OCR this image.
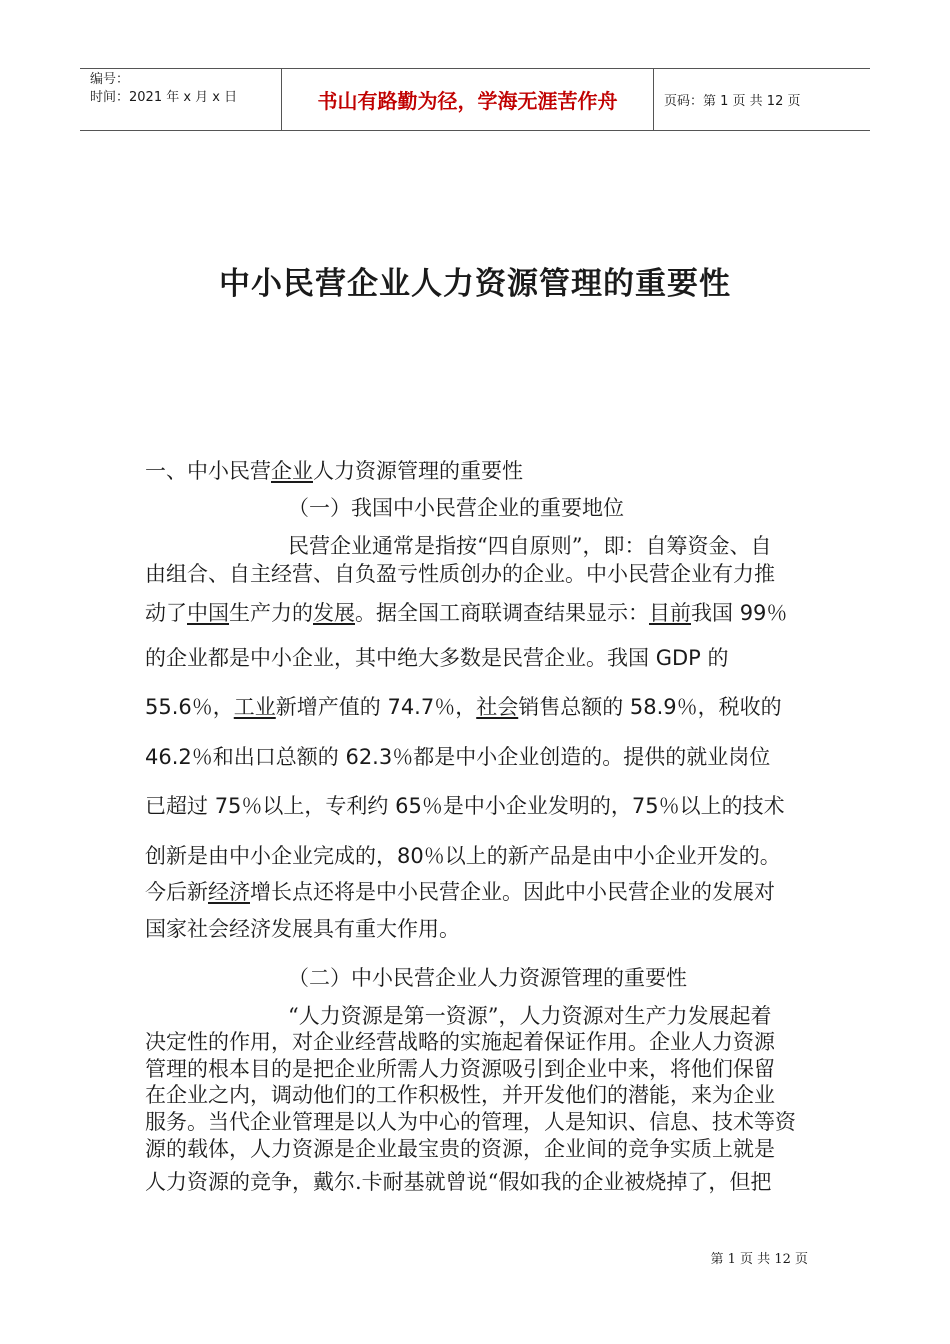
编号：
时间：2021 年 x 月 x 日	书山有路勤为径，学海无涯苦作舟	页码：第 1 页 共 12 页
中小民营企业人力资源管理的重要性
一、中小民营企业人力资源管理的重要性
（一）我国中小民营企业的重要地位
民营企业通常是指按“四自原则”，即：自筹资金、自
由组合、自主经营、自负盈亏性质创办的企业。中小民营企业有力推
动了中国生产力的发展。据全国工商联调查结果显示：目前我国 99％
的企业都是中小企业，其中绝大多数是民营企业。我国 GDP 的
55.6％，工业新增产值的 74.7％，社会销售总额的 58.9％，税收的
46.2％和出口总额的 62.3％都是中小企业创造的。提供的就业岗位
已超过 75％以上，专利约 65％是中小企业发明的，75％以上的技术
创新是由中小企业完成的，80％以上的新产品是由中小企业开发的。
今后新经济增长点还将是中小民营企业。因此中小民营企业的发展对
国家社会经济发展具有重大作用。
（二）中小民营企业人力资源管理的重要性
“人力资源是第一资源”，人力资源对生产力发展起着
决定性的作用，对企业经营战略的实施起着保证作用。企业人力资源
管理的根本目的是把企业所需人力资源吸引到企业中来，将他们保留
在企业之内，调动他们的工作积极性，并开发他们的潜能，来为企业
服务。当代企业管理是以人为中心的管理，人是知识、信息、技术等资
源的载体，人力资源是企业最宝贵的资源，企业间的竞争实质上就是
人力资源的竞争，戴尔.卡耐基就曾说“假如我的企业被烧掉了，但把
第 1 页 共 12 页
